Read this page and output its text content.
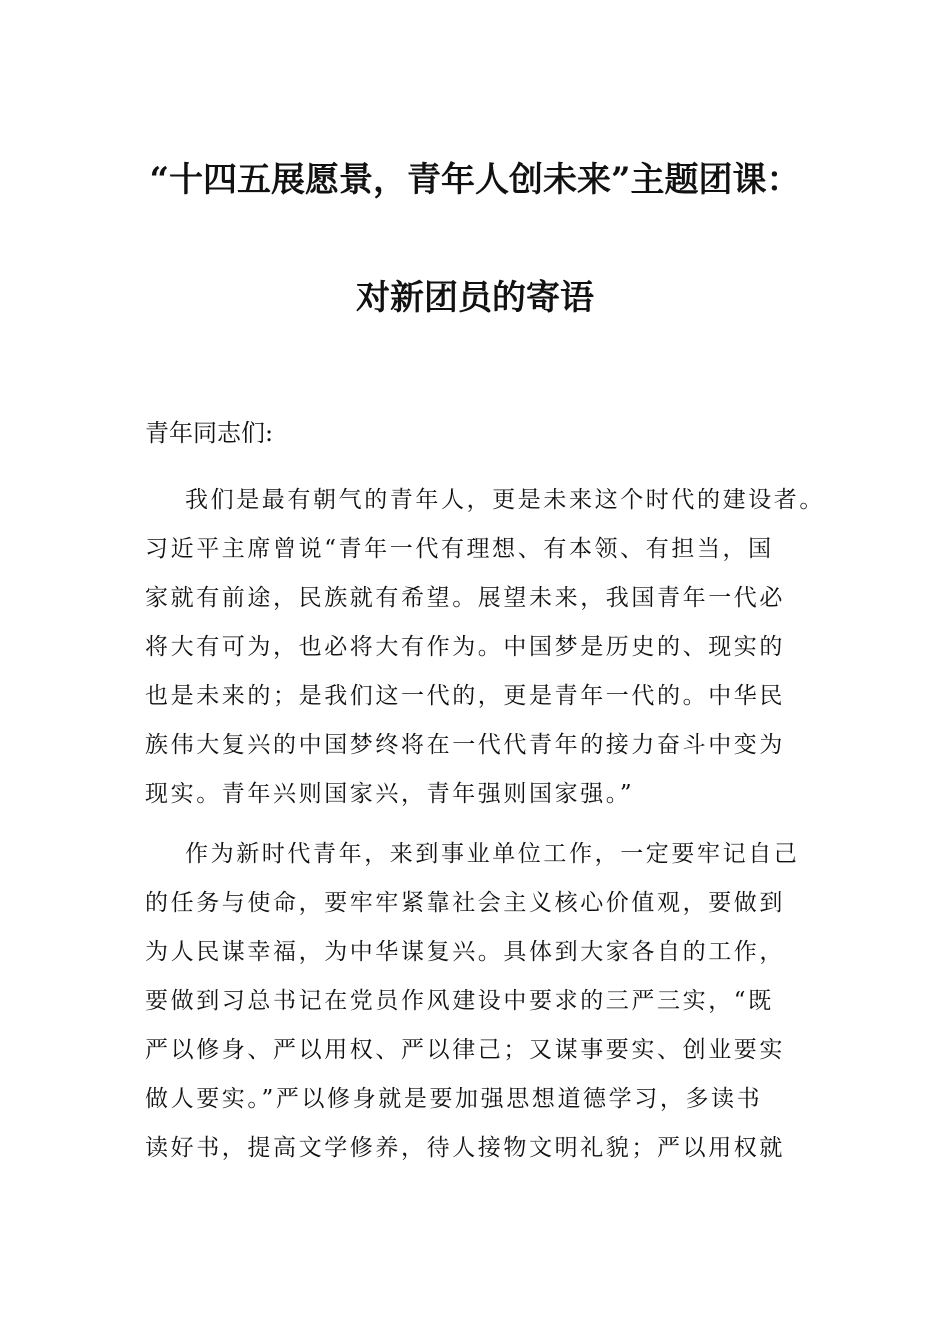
“十四五展愿景，青年人创未来”主题团课：
对新团员的寄语
青年同志们:
我们是最有朝气的青年人，更是未来这个时代的建设者。
习近平主席曾说“青年一代有理想、有本领、有担当，国
家就有前途，民族就有希望。展望未来，我国青年一代必
将大有可为，也必将大有作为。中国梦是历史的、现实的
也是未来的；是我们这一代的，更是青年一代的。中华民
族伟大复兴的中国梦终将在一代代青年的接力奋斗中变为
现实。青年兴则国家兴，青年强则国家强。”
作为新时代青年，来到事业单位工作，一定要牢记自己
的任务与使命，要牢牢紧靠社会主义核心价值观，要做到
为人民谋幸福，为中华谋复兴。具体到大家各自的工作，
要做到习总书记在党员作风建设中要求的三严三实，“既
严以修身、严以用权、严以律己；又谋事要实、创业要实
做人要实。”严以修身就是要加强思想道德学习，多读书
读好书，提高文学修养，待人接物文明礼貌；严以用权就
